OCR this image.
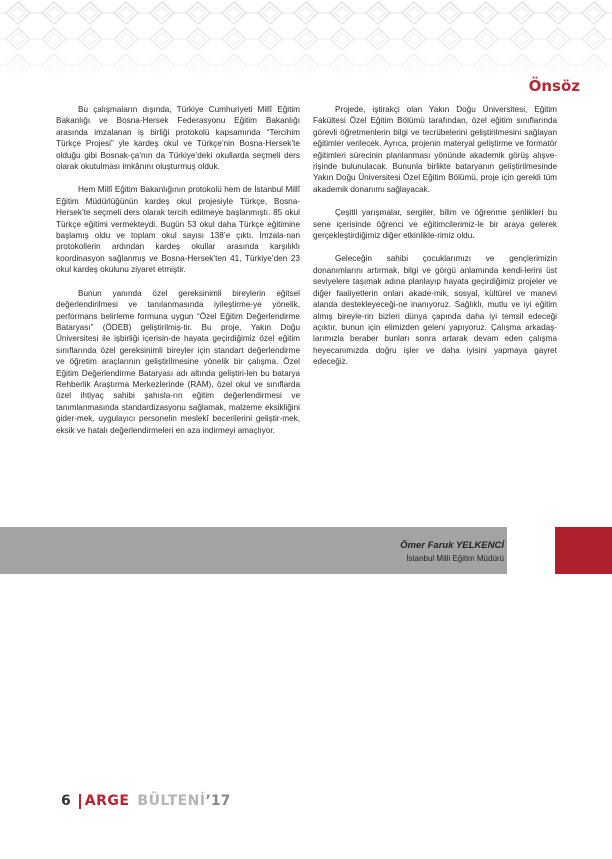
Önsöz

Bu çalışmaların dışında, Türkiye Cumhuriyeti Millî Eğitim Bakanlığı ve Bosna-Hersek Federasyonu Eğitim Bakanlığı arasında imzalanan iş birliği protokolü kapsamında “Tercihim Türkçe Projesi” yle kardeş okul ve Türkçe’nin Bosna-Hersek’te olduğu gibi Bosnak-ça’nın da Türkiye’deki okullarda seçmeli ders olarak okutulması imkânını oluşturmuş olduk.

Hem Millî Eğitim Bakanlığının protokolü hem de İstanbul Millî Eğitim Müdürlüğünün kardeş okul projesiyle Türkçe, Bosna-Hersek’te seçmeli ders olarak tercih edilmeye başlanmıştı. 85 okul Türkçe eğitimi vermekteydi. Bugün 53 okul daha Türkçe eğitimine başlamış oldu ve toplam okul sayısı 138’e çıktı. İmzala-nan protokollerin ardından kardeş okullar arasında karşılıklı koordinasyon sağlanmış ve Bosna-Hersek’ten 41, Türkiye’den 23 okul kardeş okulunu ziyaret etmiştir.

Bunun yanında özel gereksinimli bireylerin eğitsel değerlendirilmesi ve tanılanmasında iyileştirme-ye yönelik, performans belirleme formuna uygun “Özel Eğitim Değerlendirme Bataryası” (ÖDEB) geliştirilmiş-tir. Bu proje, Yakın Doğu Üniversitesi ile işbirliği içerisin-de hayata geçirdiğimiz özel eğitim sınıflarında özel gereksinimli bireyler için standart değerlendirme ve öğretim araçlarının geliştirilmesine yönelik bir çalışma. Özel Eğitim Değerlendirme Bataryası adı altında geliştiri-len bu batarya Rehberlik Araştırma Merkezlerinde (RAM), özel okul ve sınıflarda özel ihtiyaç sahibi şahısla-rın eğitim değerlendirmesi ve tanımlanmasında standardizasyonu sağlamak, malzeme eksikliğini gider-mek, uygulayıcı personelin meslekî becerilerini geliştir-mek, eksik ve hatalı değerlendirmeleri en aza indirmeyi amaçlıyor.

Projede, iştirakçi olan Yakın Doğu Üniversitesi, Eğitim Fakültesi Özel Eğitim Bölümü tarafından, özel eğitim sınıflarında görevli öğretmenlerin bilgi ve tecrübelerini geliştirilmesini sağlayan eğitimler verilecek. Ayrıca, projenin materyal geliştirme ve formatör eğitimleri sürecinin planlanması yönünde akademik görüş alışve-rişinde bulunulacak. Bununla birlikte bataryanın geliştirilmesinde Yakın Doğu Üniversitesi Özel Eğitim Bölümü, proje için gerekli tüm akademik donanımı sağlayacak.

Çeşitli yarışmalar, sergiler, bilim ve öğrenme şenlikleri bu sene içerisinde öğrenci ve eğitimcilerimiz-le bir araya gelerek gerçekleştirdiğimiz diğer etkinlikle-rimiz oldu.

Geleceğin sahibi çocuklarımızı ve gençlerimizin donanımlarını artırmak, bilgi ve görgü anlamında kendi-lerini üst seviyelere taşımak adına planlayıp hayata geçirdiğimiz projeler ve diğer faaliyetlerin onları akade-mik, sosyal, kültürel ve manevi alanda destekleyeceği-ne inanıyoruz. Sağlıklı, mutlu ve iyi eğitim almış bireyle-rin bizleri dünya çapında daha iyi temsil edeceği açıktır, bunun için elimizden geleni yapıyoruz. Çalışma arkadaş-larımızla beraber bunları sonra artarak devam eden çalışma heyecanımızda doğru işler ve daha iyisini yapmaya gayret edeceğiz.

Ömer Faruk YELKENCİ
İstanbul Milli Eğitim Müdürü
6 ARGE BÜLTENİ ’17
